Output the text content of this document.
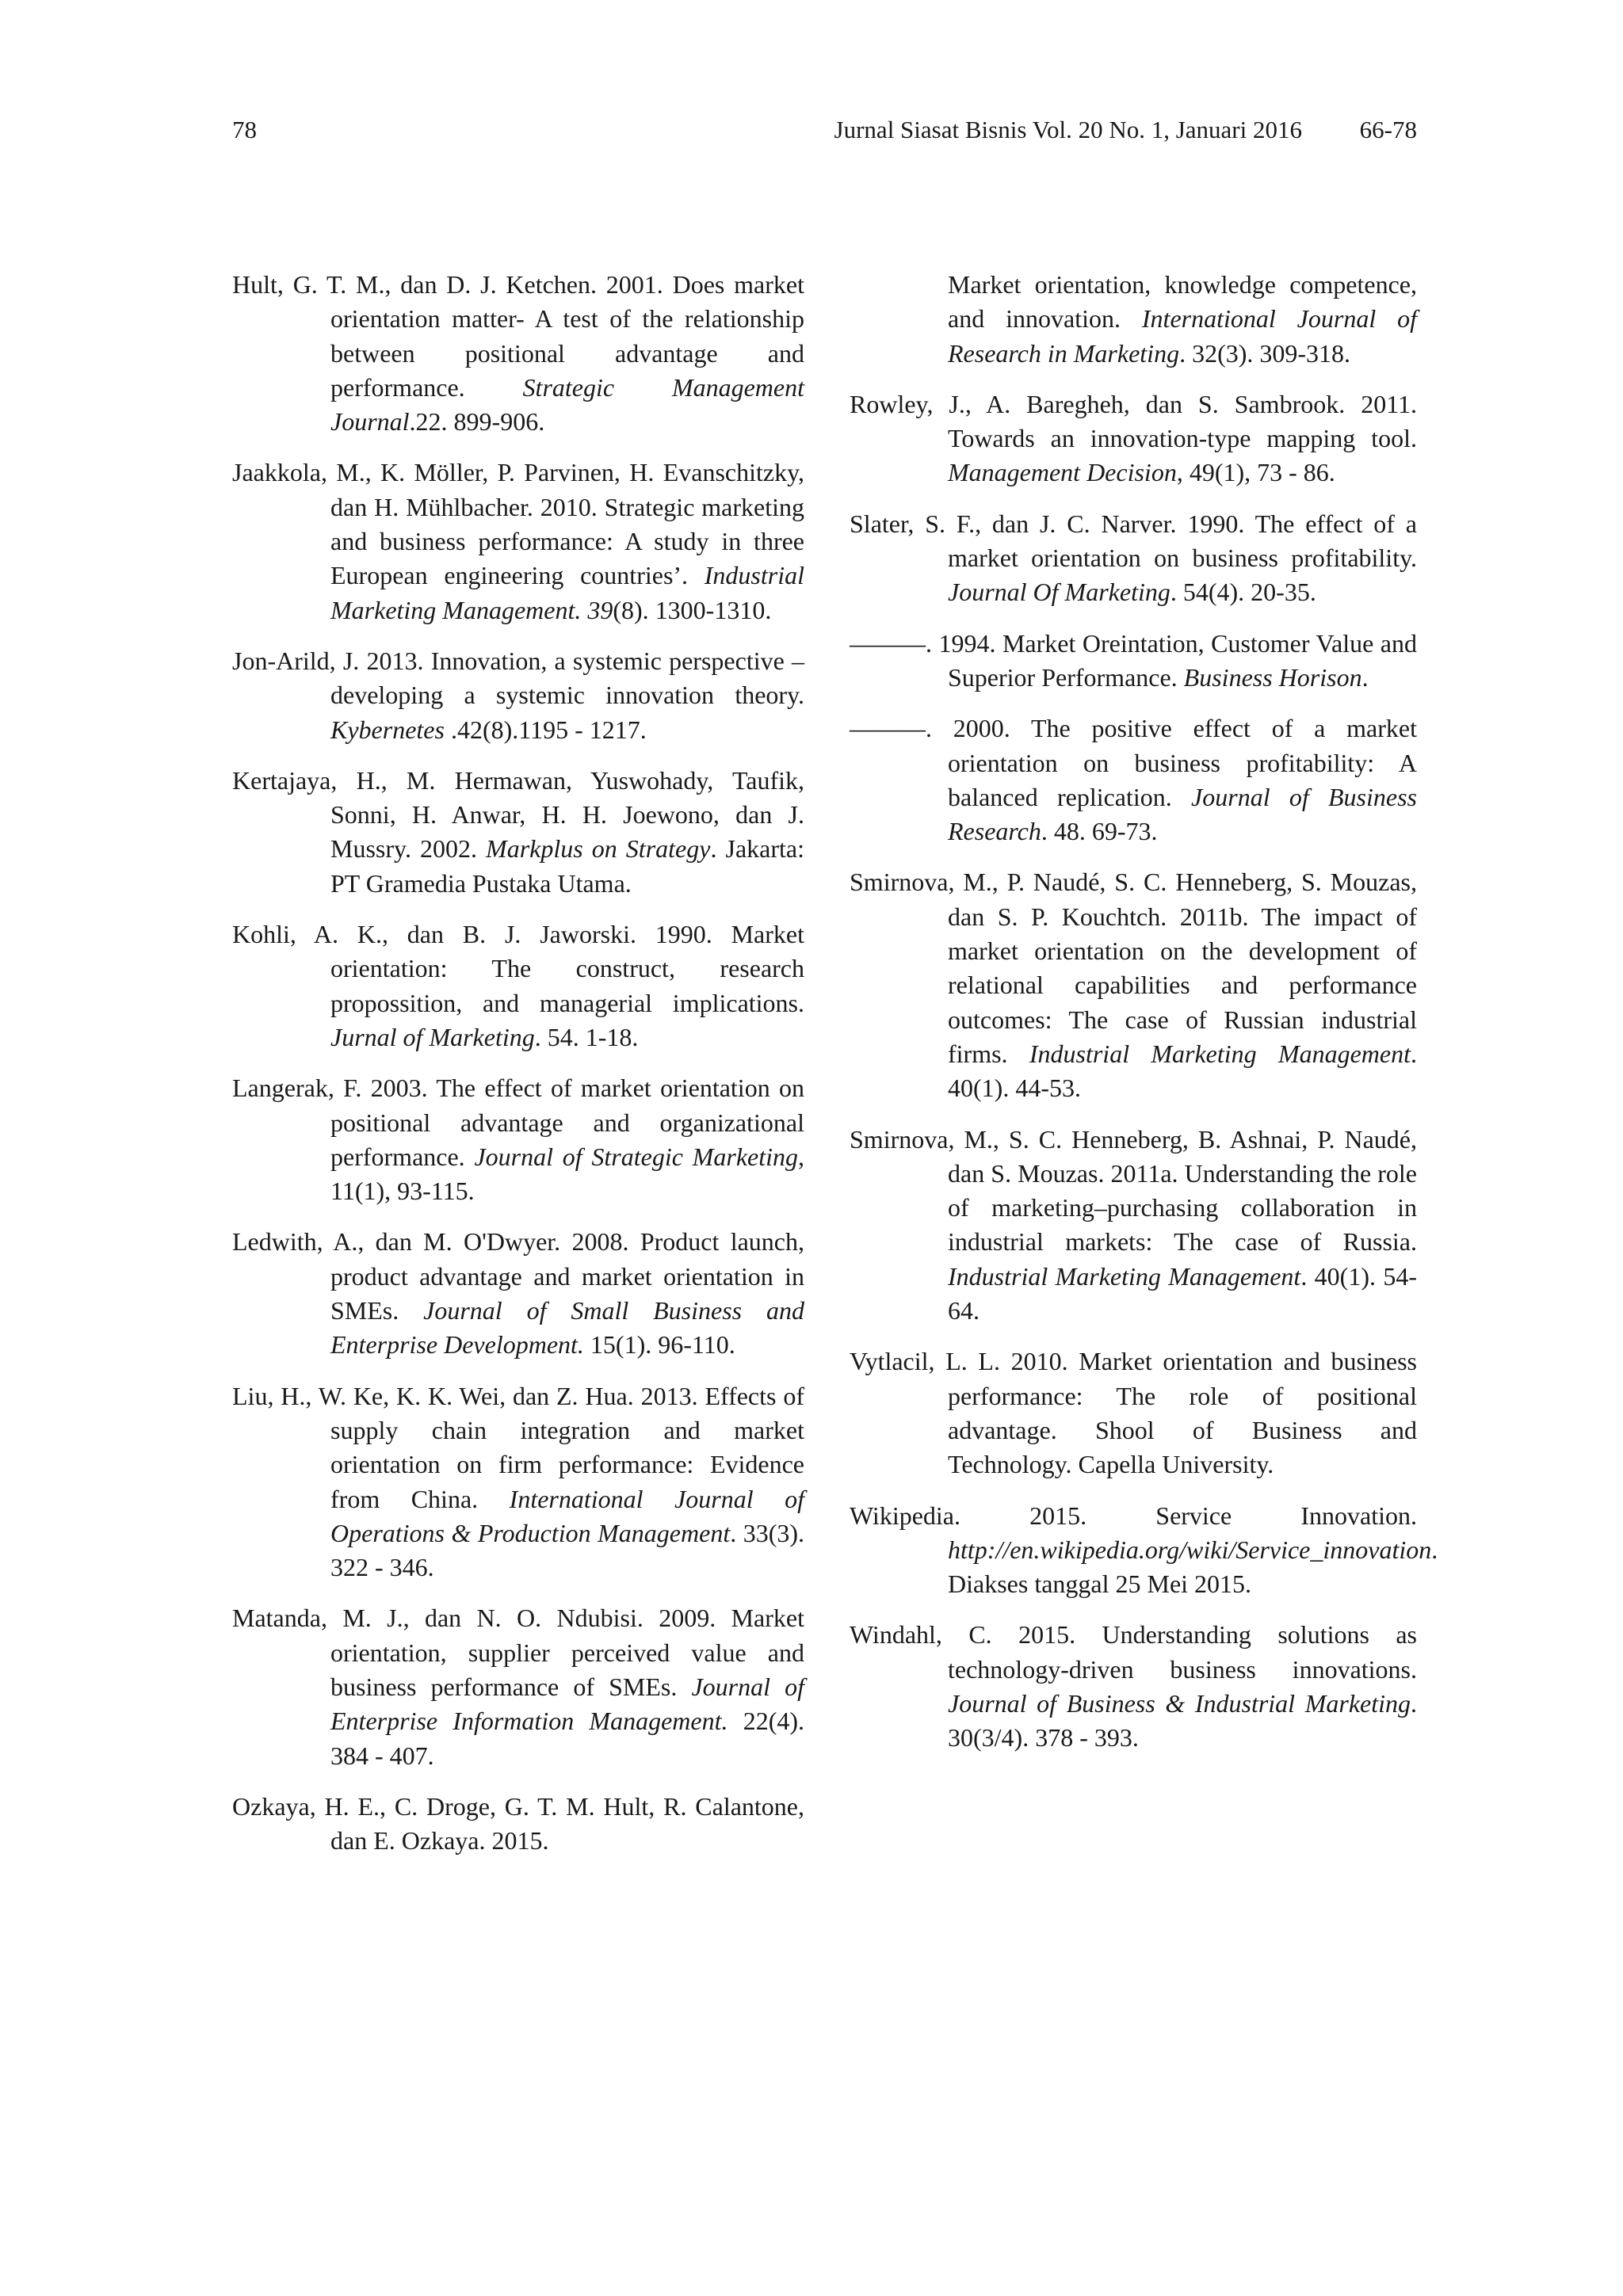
78	Jurnal Siasat Bisnis Vol. 20 No. 1, Januari 2016 66-78

Hult, G. T. M., dan D. J. Ketchen. 2001. Does market orientation matter- A test of the relationship between positional advantage and performance. Strategic Management Journal.22. 899-906.

Jaakkola, M., K. Möller, P. Parvinen, H. Evanschitzky, dan H. Mühlbacher. 2010. Strategic marketing and business performance: A study in three European engineering countries’. Industrial Marketing Management. 39(8). 1300-1310.

Jon-Arild, J. 2013. Innovation, a systemic perspective – developing a systemic innovation theory. Kybernetes .42(8).1195 - 1217.

Kertajaya, H., M. Hermawan, Yuswohady, Taufik, Sonni, H. Anwar, H. H. Joewono, dan J. Mussry. 2002. Markplus on Strategy. Jakarta: PT Gramedia Pustaka Utama.

Kohli, A. K., dan B. J. Jaworski. 1990. Market orientation: The construct, research propossition, and managerial implications. Jurnal of Marketing. 54. 1-18.

Langerak, F. 2003. The effect of market orientation on positional advantage and organizational performance. Journal of Strategic Marketing, 11(1), 93-115.

Ledwith, A., dan M. O'Dwyer. 2008. Product launch, product advantage and market orientation in SMEs. Journal of Small Business and Enterprise Development. 15(1). 96-110.

Liu, H., W. Ke, K. K. Wei, dan Z. Hua. 2013. Effects of supply chain integration and market orientation on firm performance: Evidence from China. International Journal of Operations & Production Management. 33(3). 322 - 346.

Matanda, M. J., dan N. O. Ndubisi. 2009. Market orientation, supplier perceived value and business performance of SMEs. Journal of Enterprise Information Management. 22(4). 384 - 407.

Ozkaya, H. E., C. Droge, G. T. M. Hult, R. Calantone, dan E. Ozkaya. 2015.

Market orientation, knowledge competence, and innovation. International Journal of Research in Marketing. 32(3). 309-318.

Rowley, J., A. Baregheh, dan S. Sambrook. 2011. Towards an innovation-type mapping tool. Management Decision, 49(1), 73 - 86.

Slater, S. F., dan J. C. Narver. 1990. The effect of a market orientation on business profitability. Journal Of Marketing. 54(4). 20-35.

———. 1994. Market Oreintation, Customer Value and Superior Performance. Business Horison.

———. 2000. The positive effect of a market orientation on business profitability: A balanced replication. Journal of Business Research. 48. 69-73.

Smirnova, M., P. Naudé, S. C. Henneberg, S. Mouzas, dan S. P. Kouchtch. 2011b. The impact of market orientation on the development of relational capabilities and performance outcomes: The case of Russian industrial firms. Industrial Marketing Management. 40(1). 44-53.

Smirnova, M., S. C. Henneberg, B. Ashnai, P. Naudé, dan S. Mouzas. 2011a. Understanding the role of marketing–purchasing collaboration in industrial markets: The case of Russia. Industrial Marketing Management. 40(1). 54-64.

Vytlacil, L. L. 2010. Market orientation and business performance: The role of positional advantage. Shool of Business and Technology. Capella University.

Wikipedia. 2015. Service Innovation. http://en.wikipedia.org/wiki/Service_innovation. Diakses tanggal 25 Mei 2015.

Windahl, C. 2015. Understanding solutions as technology-driven business innovations. Journal of Business & Industrial Marketing. 30(3/4). 378 - 393.
